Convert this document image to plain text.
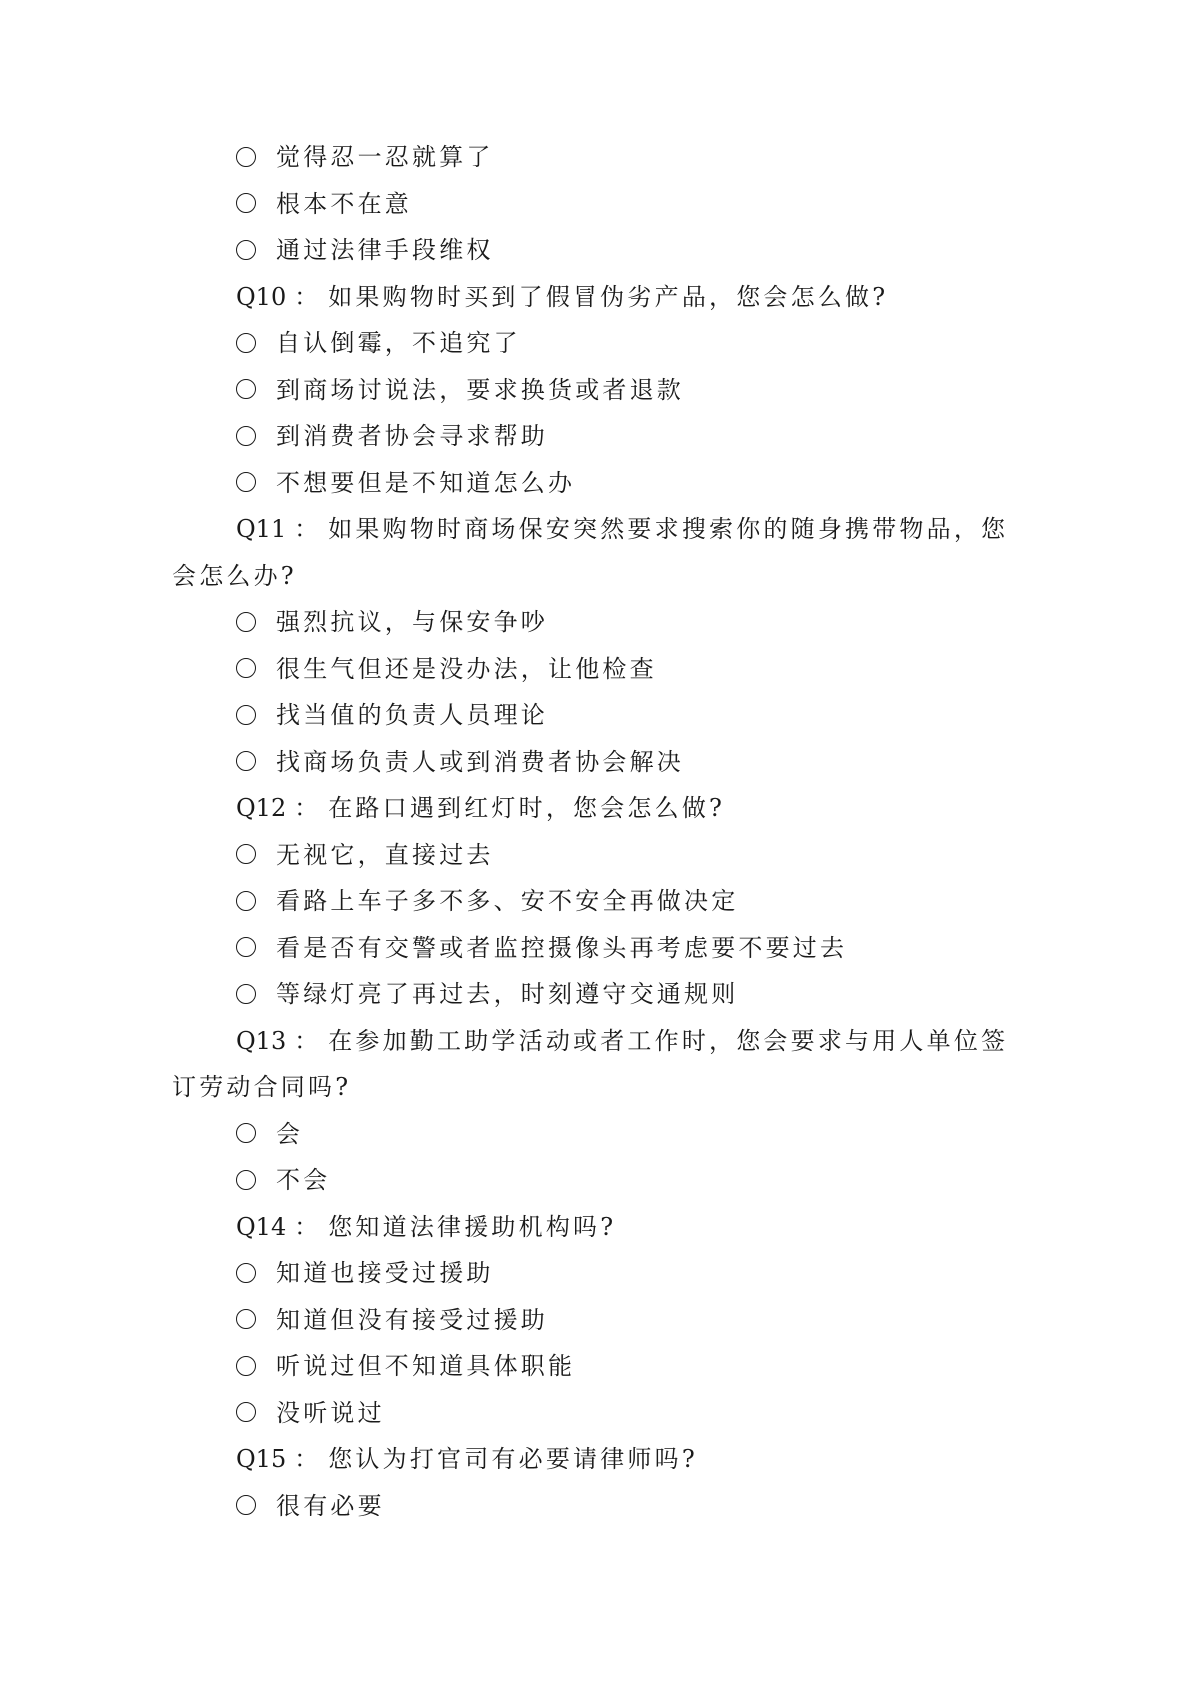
觉得忍一忍就算了
根本不在意
通过法律手段维权
Q10 ： 如果购物时买到了假冒伪劣产品，您会怎么做?
自认倒霉，不追究了
到商场讨说法，要求换货或者退款
到消费者协会寻求帮助
不想要但是不知道怎么办
Q11 ： 如果购物时商场保安突然要求搜索你的随身携带物品，您
会怎么办?
强烈抗议，与保安争吵
很生气但还是没办法，让他检查
找当值的负责人员理论
找商场负责人或到消费者协会解决
Q12 ： 在路口遇到红灯时，您会怎么做?
无视它，直接过去
看路上车子多不多、安不安全再做决定
看是否有交警或者监控摄像头再考虑要不要过去
等绿灯亮了再过去，时刻遵守交通规则
Q13 ： 在参加勤工助学活动或者工作时，您会要求与用人单位签
订劳动合同吗?
会
不会
Q14 ： 您知道法律援助机构吗?
知道也接受过援助
知道但没有接受过援助
听说过但不知道具体职能
没听说过
Q15 ： 您认为打官司有必要请律师吗?
很有必要
